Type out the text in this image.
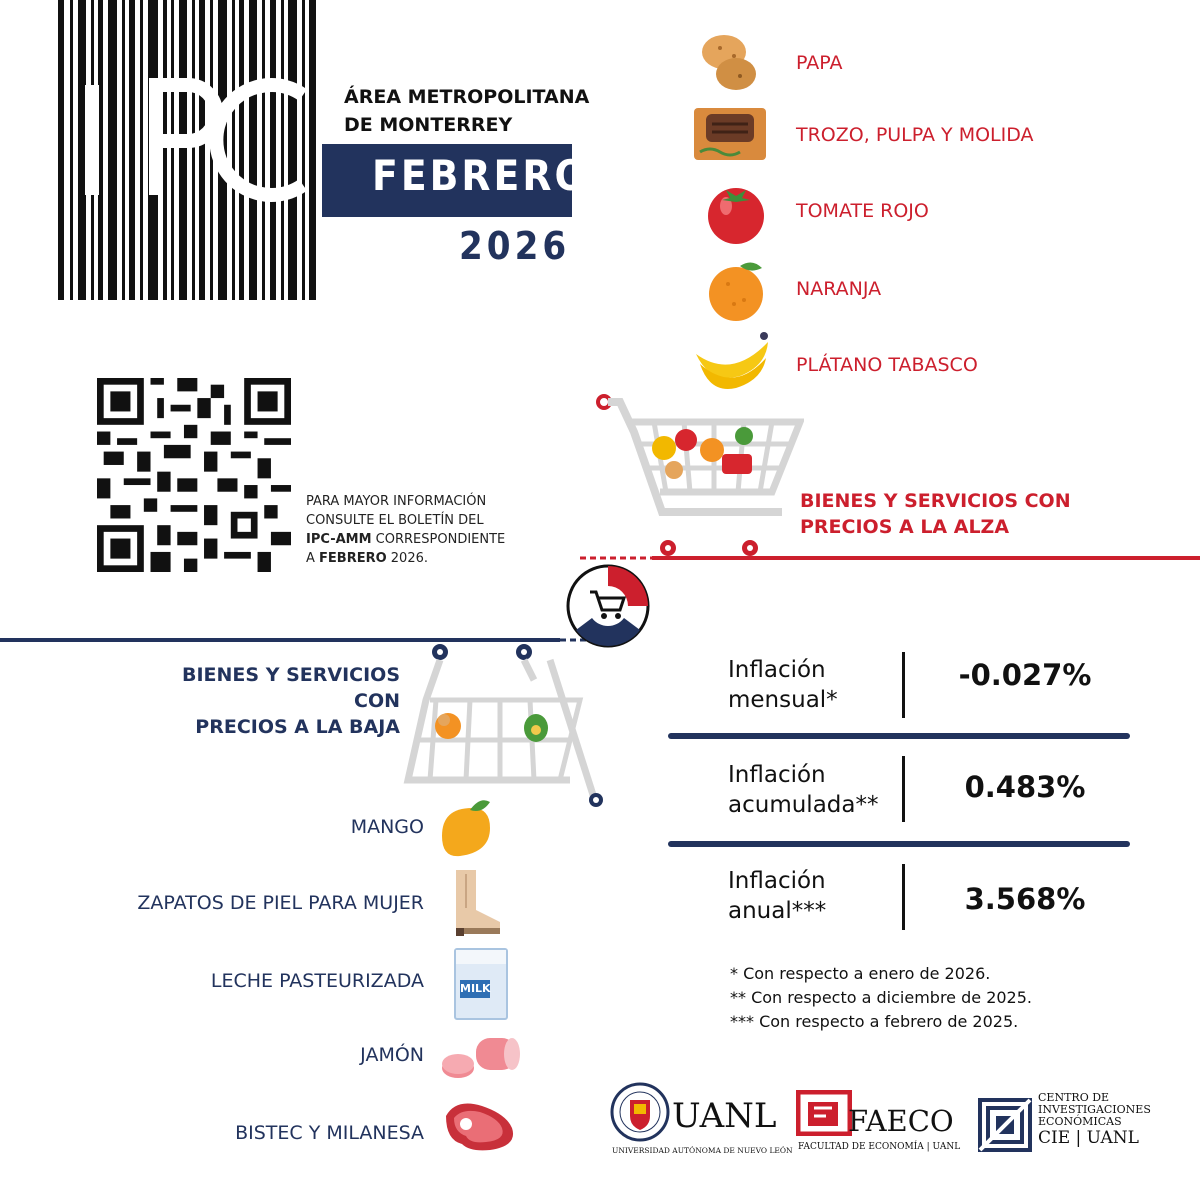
ÁREA METROPOLITANA
DE MONTERREY
FEBRERO
2026
PARA MAYOR INFORMACIÓN
CONSULTE EL BOLETÍN DEL
IPC-AMM CORRESPONDIENTE
A FEBRERO 2026.
PAPA
TROZO, PULPA Y MOLIDA
TOMATE ROJO
NARANJA
PLÁTANO TABASCO
BIENES Y SERVICIOS CON
PRECIOS A LA ALZA
BIENES Y SERVICIOS CON
PRECIOS A LA BAJA
MANGO
ZAPATOS DE PIEL PARA MUJER
LECHE PASTEURIZADA	MILK
JAMÓN
BISTEC Y MILANESA
Inflación
mensual*
-0.027%
Inflación
acumulada**
0.483%
Inflación
anual***	3.568%
* Con respecto a enero de 2026.
** Con respecto a diciembre de 2025.
*** Con respecto a febrero de 2025.
UANL
UNIVERSIDAD AUTÓNOMA DE NUEVO LEÓN
FAECO
FACULTAD DE ECONOMÍA | UANL
CENTRO DE
INVESTIGACIONES
ECONÓMICAS
CIE | UANL
